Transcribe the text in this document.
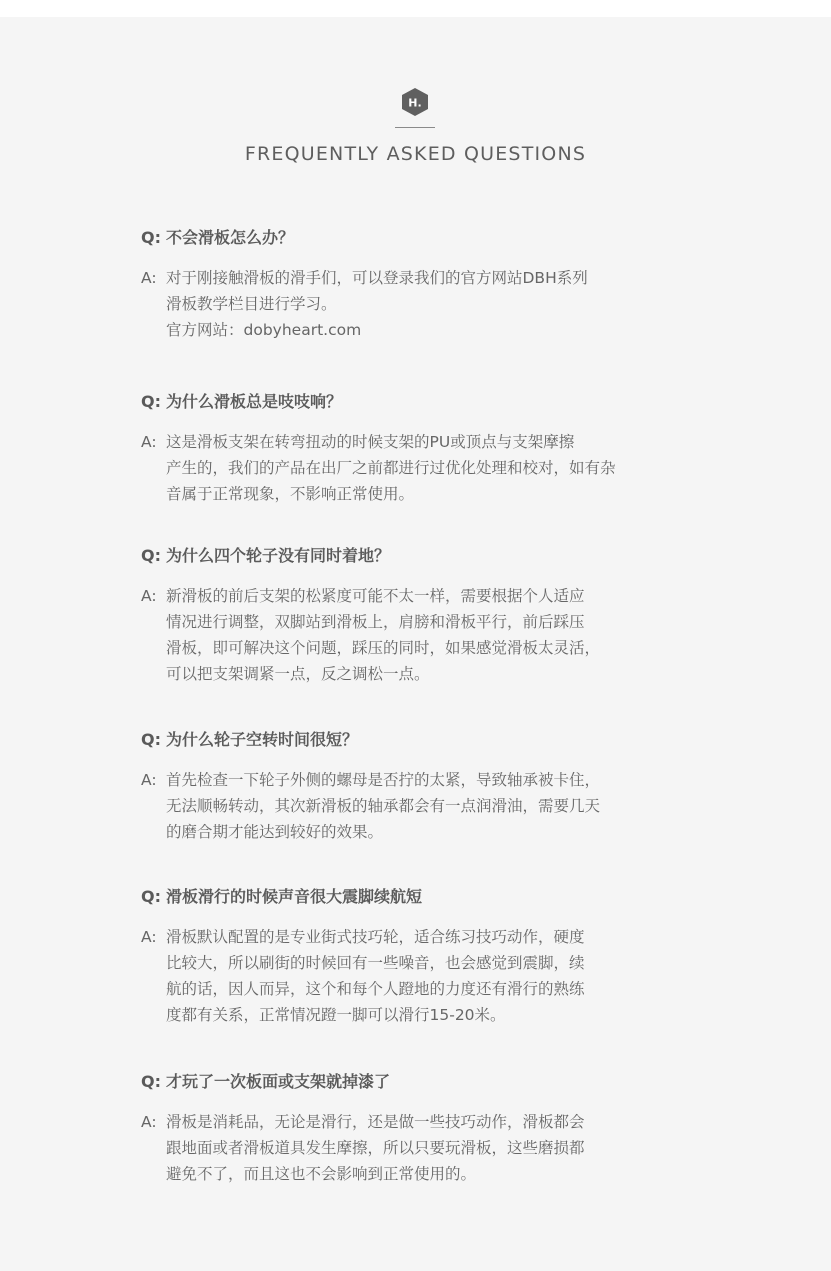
H.
FREQUENTLY ASKED QUESTIONS
Q: 不会滑板怎么办？
A: 对于刚接触滑板的滑手们，可以登录我们的官方网站DBH系列
滑板教学栏目进行学习。
官方网站：dobyheart.com
Q: 为什么滑板总是吱吱响？
A: 这是滑板支架在转弯扭动的时候支架的PU或顶点与支架摩擦
产生的，我们的产品在出厂之前都进行过优化处理和校对，如有杂
音属于正常现象，不影响正常使用。
Q: 为什么四个轮子没有同时着地？
A: 新滑板的前后支架的松紧度可能不太一样，需要根据个人适应
情况进行调整，双脚站到滑板上，肩膀和滑板平行，前后踩压
滑板，即可解决这个问题，踩压的同时，如果感觉滑板太灵活，
可以把支架调紧一点，反之调松一点。
Q: 为什么轮子空转时间很短？
A: 首先检查一下轮子外侧的螺母是否拧的太紧，导致轴承被卡住，
无法顺畅转动，其次新滑板的轴承都会有一点润滑油，需要几天
的磨合期才能达到较好的效果。
Q: 滑板滑行的时候声音很大震脚续航短
A: 滑板默认配置的是专业街式技巧轮，适合练习技巧动作，硬度
比较大，所以刷街的时候回有一些噪音，也会感觉到震脚，续
航的话，因人而异，这个和每个人蹬地的力度还有滑行的熟练
度都有关系，正常情况蹬一脚可以滑行15-20米。
Q: 才玩了一次板面或支架就掉漆了
A: 滑板是消耗品，无论是滑行，还是做一些技巧动作，滑板都会
跟地面或者滑板道具发生摩擦，所以只要玩滑板，这些磨损都
避免不了，而且这也不会影响到正常使用的。
